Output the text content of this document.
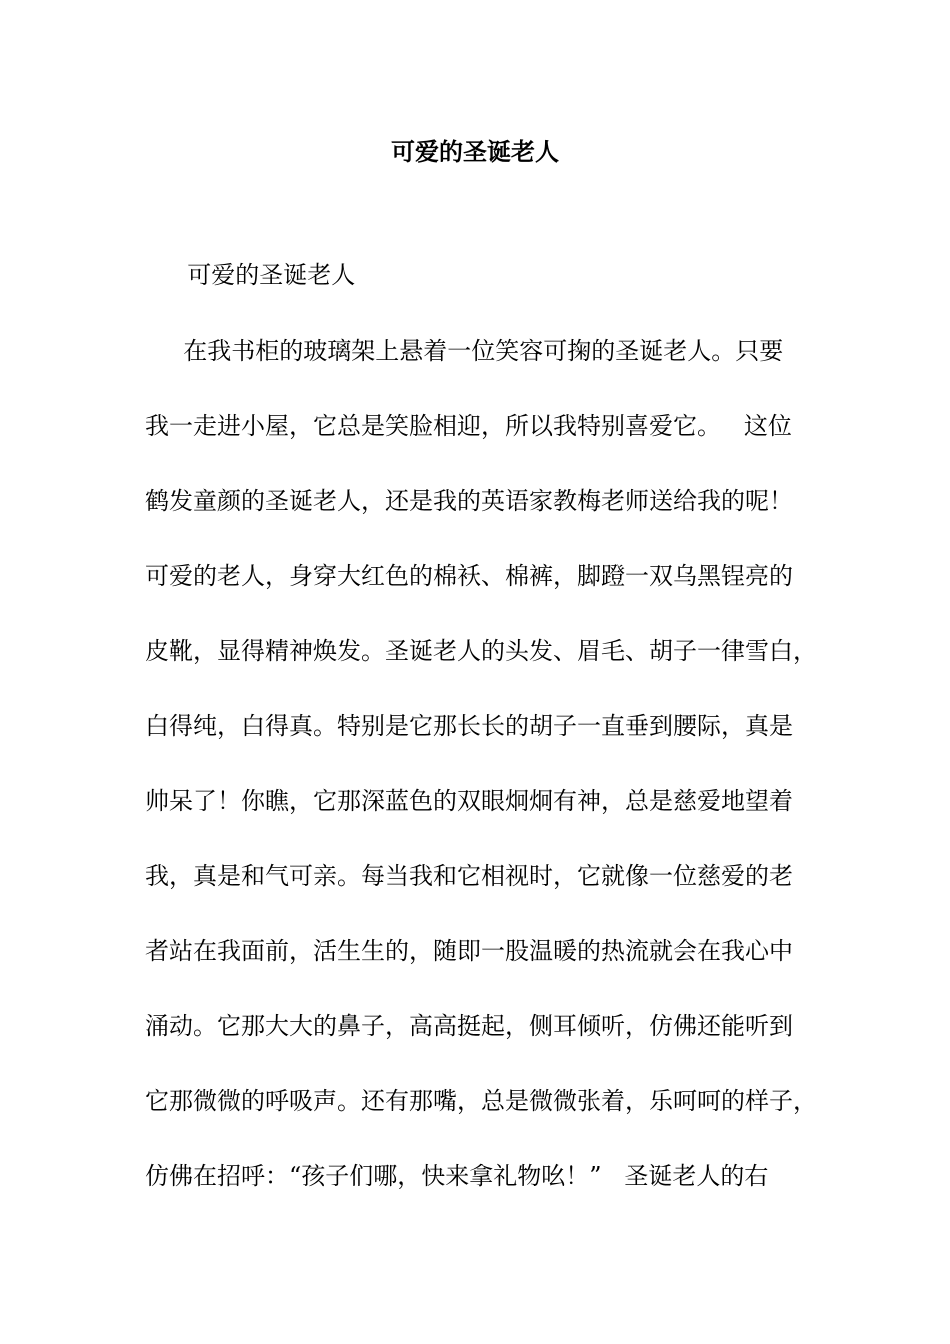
可爱的圣诞老人

可爱的圣诞老人

在我书柜的玻璃架上悬着一位笑容可掬的圣诞老人。只要

我一走进小屋，它总是笑脸相迎，所以我特别喜爱它。   这位

鹤发童颜的圣诞老人，还是我的英语家教梅老师送给我的呢！

可爱的老人，身穿大红色的棉袄、棉裤，脚蹬一双乌黑锃亮的

皮靴，显得精神焕发。圣诞老人的头发、眉毛、胡子一律雪白，

白得纯，白得真。特别是它那长长的胡子一直垂到腰际，真是

帅呆了！你瞧，它那深蓝色的双眼炯炯有神，总是慈爱地望着

我，真是和气可亲。每当我和它相视时，它就像一位慈爱的老

者站在我面前，活生生的，随即一股温暖的热流就会在我心中

涌动。它那大大的鼻子，高高挺起，侧耳倾听，仿佛还能听到

它那微微的呼吸声。还有那嘴，总是微微张着，乐呵呵的样子，

仿佛在招呼：“孩子们哪，快来拿礼物吆！”   圣诞老人的右
